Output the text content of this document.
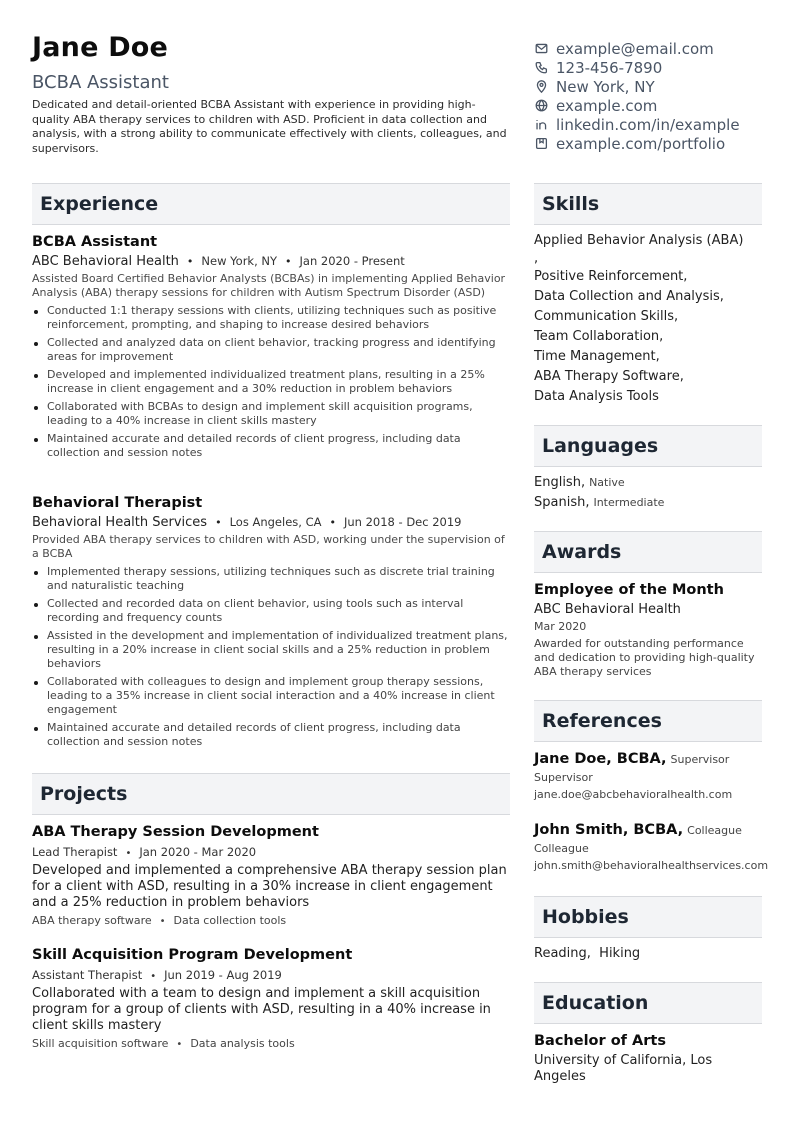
Jane Doe
BCBA Assistant
Dedicated and detail-oriented BCBA Assistant with experience in providing high-quality ABA therapy services to children with ASD. Proficient in data collection and analysis, with a strong ability to communicate effectively with clients, colleagues, and supervisors.
example@email.com
123-456-7890
New York, NY
example.com
linkedin.com/in/example
example.com/portfolio
Experience
BCBA Assistant
ABC Behavioral Health • New York, NY • Jan 2020 - Present
Assisted Board Certified Behavior Analysts (BCBAs) in implementing Applied Behavior Analysis (ABA) therapy sessions for children with Autism Spectrum Disorder (ASD)
Conducted 1:1 therapy sessions with clients, utilizing techniques such as positive reinforcement, prompting, and shaping to increase desired behaviors
Collected and analyzed data on client behavior, tracking progress and identifying areas for improvement
Developed and implemented individualized treatment plans, resulting in a 25% increase in client engagement and a 30% reduction in problem behaviors
Collaborated with BCBAs to design and implement skill acquisition programs, leading to a 40% increase in client skills mastery
Maintained accurate and detailed records of client progress, including data collection and session notes
Behavioral Therapist
Behavioral Health Services • Los Angeles, CA • Jun 2018 - Dec 2019
Provided ABA therapy services to children with ASD, working under the supervision of a BCBA
Implemented therapy sessions, utilizing techniques such as discrete trial training and naturalistic teaching
Collected and recorded data on client behavior, using tools such as interval recording and frequency counts
Assisted in the development and implementation of individualized treatment plans, resulting in a 20% increase in client social skills and a 25% reduction in problem behaviors
Collaborated with colleagues to design and implement group therapy sessions, leading to a 35% increase in client social interaction and a 40% increase in client engagement
Maintained accurate and detailed records of client progress, including data collection and session notes
Projects
ABA Therapy Session Development
Lead Therapist • Jan 2020 - Mar 2020
Developed and implemented a comprehensive ABA therapy session plan for a client with ASD, resulting in a 30% increase in client engagement and a 25% reduction in problem behaviors
ABA therapy software • Data collection tools
Skill Acquisition Program Development
Assistant Therapist • Jun 2019 - Aug 2019
Collaborated with a team to design and implement a skill acquisition program for a group of clients with ASD, resulting in a 40% increase in client skills mastery
Skill acquisition software • Data analysis tools
Skills
Applied Behavior Analysis (ABA)
,
Positive Reinforcement,
Data Collection and Analysis,
Communication Skills,
Team Collaboration,
Time Management,
ABA Therapy Software,
Data Analysis Tools
Languages
English, Native
Spanish, Intermediate
Awards
Employee of the Month
ABC Behavioral Health
Mar 2020
Awarded for outstanding performance and dedication to providing high-quality ABA therapy services
References
Jane Doe, BCBA, Supervisor
Supervisor
jane.doe@abcbehavioralhealth.com
John Smith, BCBA, Colleague
Colleague
john.smith@behavioralhealthservices.com
Hobbies
Reading,  Hiking
Education
Bachelor of Arts
University of California, Los Angeles
